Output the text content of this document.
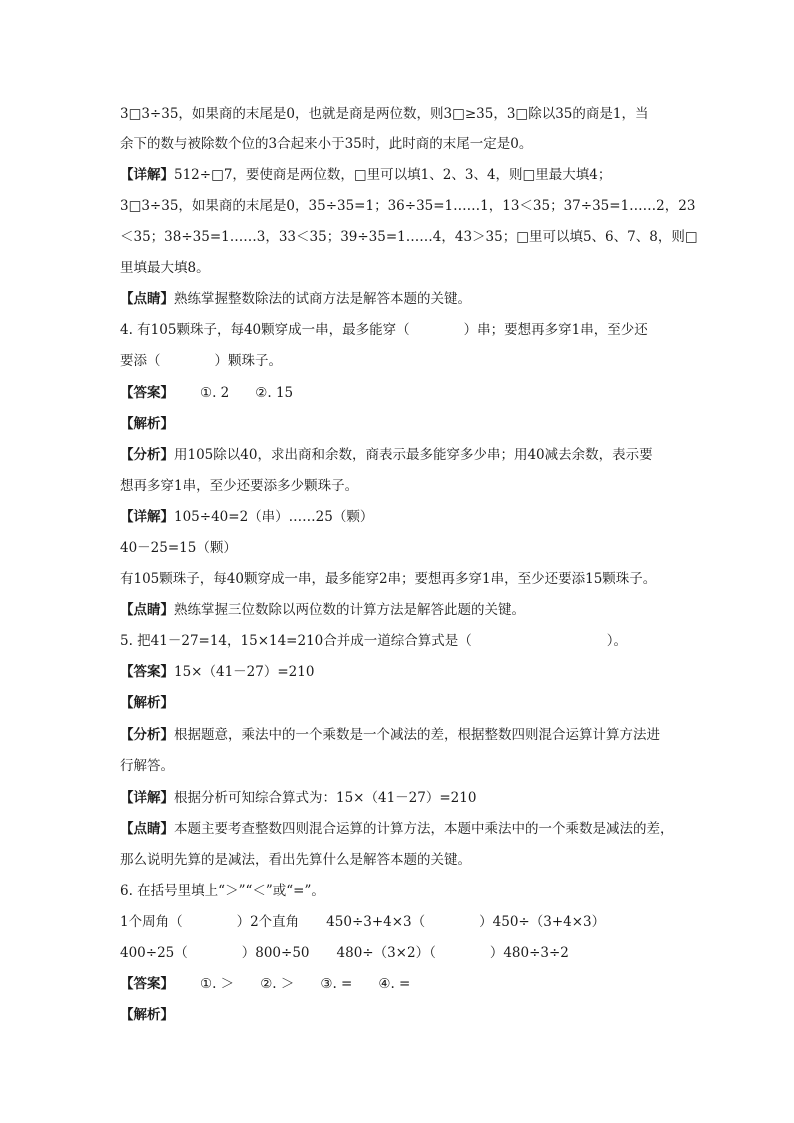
3□3÷35，如果商的末尾是0，也就是商是两位数，则3□≥35，3□除以35的商是1，当
余下的数与被除数个位的3合起来小于35时，此时商的末尾一定是0。
【详解】512÷□7，要使商是两位数，□里可以填1、2、3、4，则□里最大填4；
3□3÷35，如果商的末尾是0，35÷35=1；36÷35=1……1，13＜35；37÷35=1……2，23
＜35；38÷35=1……3，33＜35；39÷35=1……4，43＞35；□里可以填5、6、7、8，则□
里填最大填8。
【点睛】熟练掌握整数除法的试商方法是解答本题的关键。
4. 有105颗珠子，每40颗穿成一串，最多能穿（　　　　）串；要想再多穿1串，至少还
要添（　　　　）颗珠子。
【答案】 ①. 2 ②. 15
【解析】
【分析】用105除以40，求出商和余数，商表示最多能穿多少串；用40减去余数，表示要
想再多穿1串，至少还要添多少颗珠子。
【详解】105÷40=2（串）……25（颗）
40－25=15（颗）
有105颗珠子，每40颗穿成一串，最多能穿2串；要想再多穿1串，至少还要添15颗珠子。
【点睛】熟练掌握三位数除以两位数的计算方法是解答此题的关键。
5. 把41－27=14，15×14=210合并成一道综合算式是（　　　　　　　　　　）。
【答案】15×（41－27）=210
【解析】
【分析】根据题意，乘法中的一个乘数是一个减法的差，根据整数四则混合运算计算方法进
行解答。
【详解】根据分析可知综合算式为：15×（41－27）=210
【点睛】本题主要考查整数四则混合运算的计算方法，本题中乘法中的一个乘数是减法的差，
那么说明先算的是减法，看出先算什么是解答本题的关键。
6. 在括号里填上“＞”“＜”或“=”。
1个周角（　　　　）2个直角　　450÷3+4×3（　　　　）450÷（3+4×3）
400÷25（　　　　）800÷50　　480÷（3×2）（　　　　）480÷3÷2
【答案】 ①. ＞ ②. ＞ ③. = ④. =
【解析】
